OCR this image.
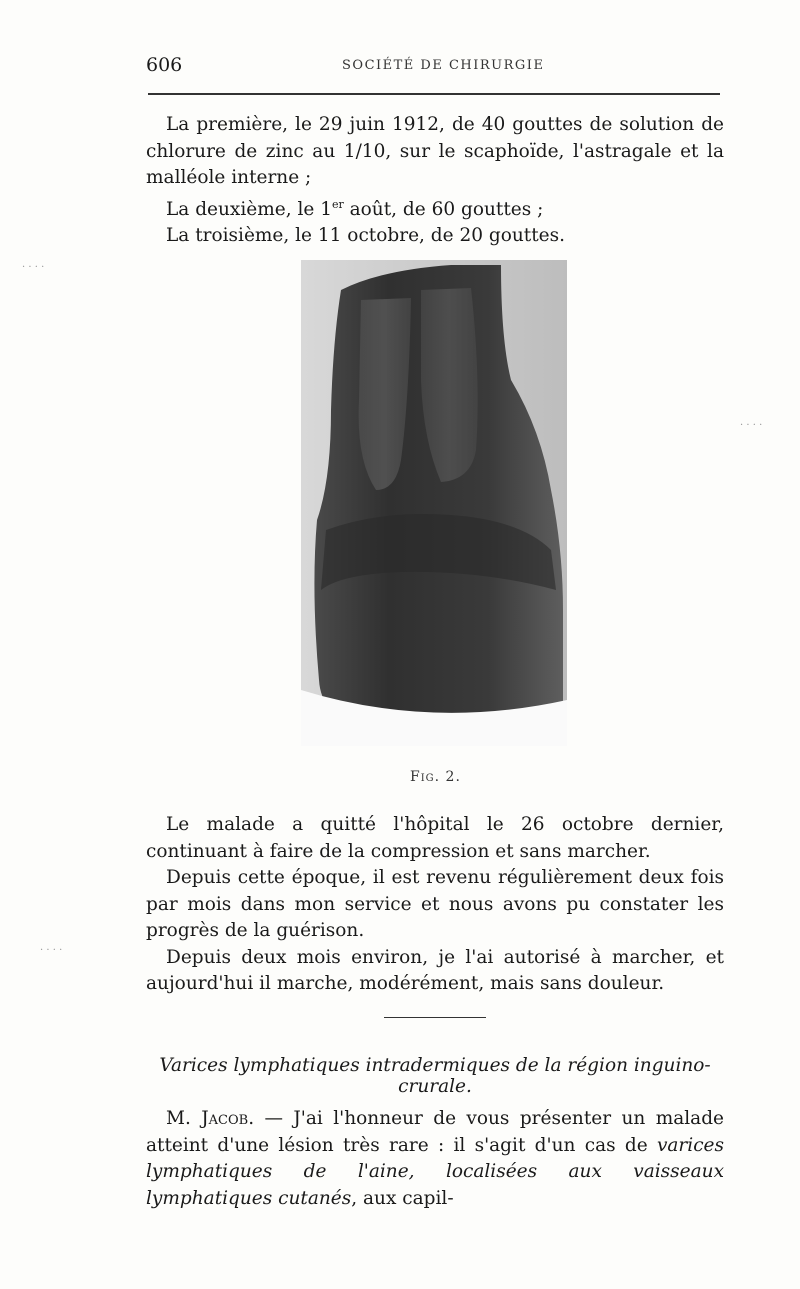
606	SOCIÉTÉ DE CHIRURGIE

La première, le 29 juin 1912, de 40 gouttes de solution de chlorure de zinc au 1/10, sur le scaphoïde, l'astragale et la malléole interne ;

La deuxième, le 1er août, de 60 gouttes ;

La troisième, le 11 octobre, de 20 gouttes.

Fig. 2.

Le malade a quitté l'hôpital le 26 octobre dernier, continuant à faire de la compression et sans marcher.

Depuis cette époque, il est revenu régulièrement deux fois par mois dans mon service et nous avons pu constater les progrès de la guérison.

Depuis deux mois environ, je l'ai autorisé à marcher, et aujourd'hui il marche, modérément, mais sans douleur.

Varices lymphatiques intradermiques de la région inguino-crurale.

M. Jacob. — J'ai l'honneur de vous présenter un malade atteint d'une lésion très rare : il s'agit d'un cas de varices lymphatiques de l'aine, localisées aux vaisseaux lymphatiques cutanés, aux capil-

· · · ·
· · · ·
· · · ·
